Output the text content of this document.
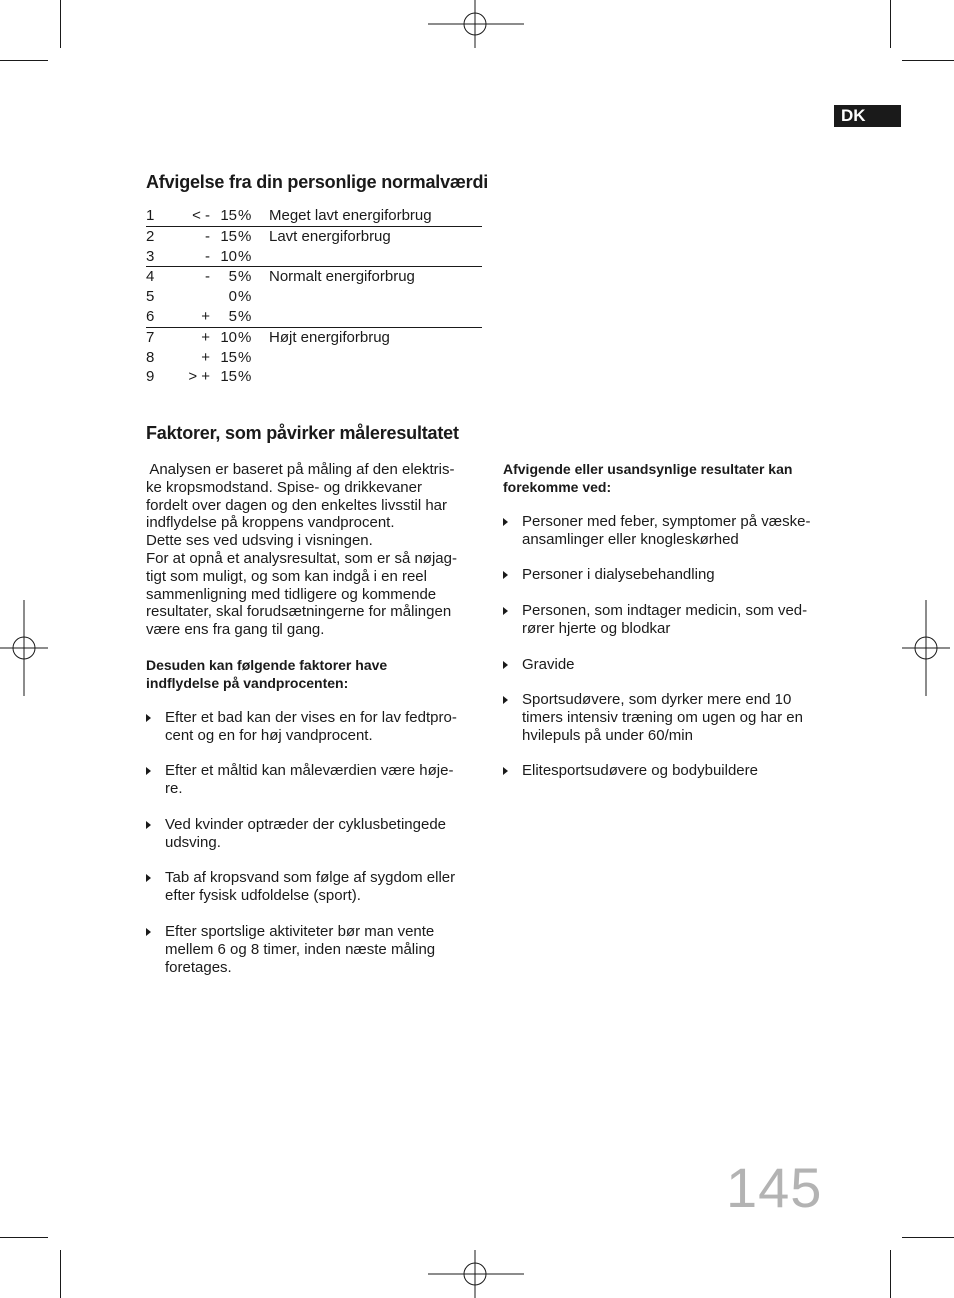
DK
Afvigelse fra din personlige normalværdi
1	< - 15 % Meget lavt energiforbrug
2	- 15 % Lavt energiforbrug
3	- 10 %
4	- 5 % Normalt energiforbrug
5	0 %
6	+ 5 %
7	+ 10 % Højt energiforbrug
8	+ 15 %
9 > + 15 %
Faktorer, som påvirker måleresultatet
Analysen er baseret på måling af den elektris-
ke kropsmodstand. Spise- og drikkevaner
fordelt over dagen og den enkeltes livsstil har
indflydelse på kroppens vandprocent.
Dette ses ved udsving i visningen.
For at opnå et analysresultat, som er så nøjag-
tigt som muligt, og som kan indgå i en reel
sammenligning med tidligere og kommende
resultater, skal forudsætningerne for målingen
være ens fra gang til gang.
Desuden kan følgende faktorer have
indflydelse på vandprocenten:
Afvigende eller usandsynlige resultater kan
forekomme ved:
Efter et bad kan der vises en for lav fedtpro-
cent og en for høj vandprocent.
Efter et måltid kan måleværdien være høje-
re.
Ved kvinder optræder der cyklusbetingede
udsving.
Tab af kropsvand som følge af sygdom eller
efter fysisk udfoldelse (sport).
Efter sportslige aktiviteter bør man vente
mellem 6 og 8 timer, inden næste måling
foretages.
Personer med feber, symptomer på væske-
ansamlinger eller knogleskørhed
Personer i dialysebehandling
Personen, som indtager medicin, som ved-
rører hjerte og blodkar
Gravide
Sportsudøvere, som dyrker mere end 10
timers intensiv træning om ugen og har en
hvilepuls på under 60/min
Elitesportsudøvere og bodybuildere
145
